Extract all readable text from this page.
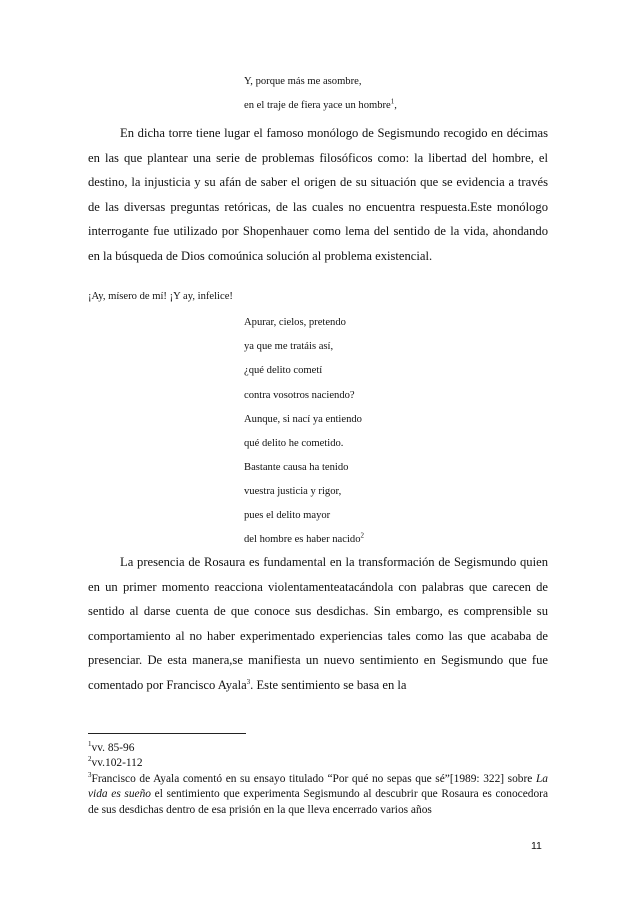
Y, porque más me asombre,

en el traje de fiera yace un hombre$^1$,

En dicha torre tiene lugar el famoso monólogo de Segismundo recogido en décimas en las que plantear una serie de problemas filosóficos como: la libertad del hombre, el destino, la injusticia y su afán de saber el origen de su situación que se evidencia a través de las diversas preguntas retóricas, de las cuales no encuentra respuesta.Este monólogo interrogante fue utilizado por Shopenhauer como lema del sentido de la vida, ahondando en la búsqueda de Dios comoúnica solución al problema existencial.

¡Ay, mísero de mí! ¡Y ay, infelice!

Apurar, cielos, pretendo

ya que me tratáis así,

¿qué delito cometí

contra vosotros naciendo?

Aunque, si nací ya entiendo

qué delito he cometido.

Bastante causa ha tenido

vuestra justicia y rigor,

pues el delito mayor

del hombre es haber nacido$^2$

La presencia de Rosaura es fundamental en la transformación de Segismundo quien en un primer momento reacciona violentamenteatacándola con palabras que carecen de sentido al darse cuenta de que conoce sus desdichas. Sin embargo, es comprensible su comportamiento al no haber experimentado experiencias tales como las que acababa de presenciar. De esta manera,se manifiesta un nuevo sentimiento en Segismundo que fue comentado por Francisco Ayala$^3$. Este sentimiento se basa en la

$^1$vv. 85-96

$^2$vv.102-112

$^3$Francisco de Ayala comentó en su ensayo titulado “Por qué no sepas que sé”[1989: 322] sobre La vida es sueño el sentimiento que experimenta Segismundo al descubrir que Rosaura es conocedora de sus desdichas dentro de esa prisión en la que lleva encerrado varios años

11
